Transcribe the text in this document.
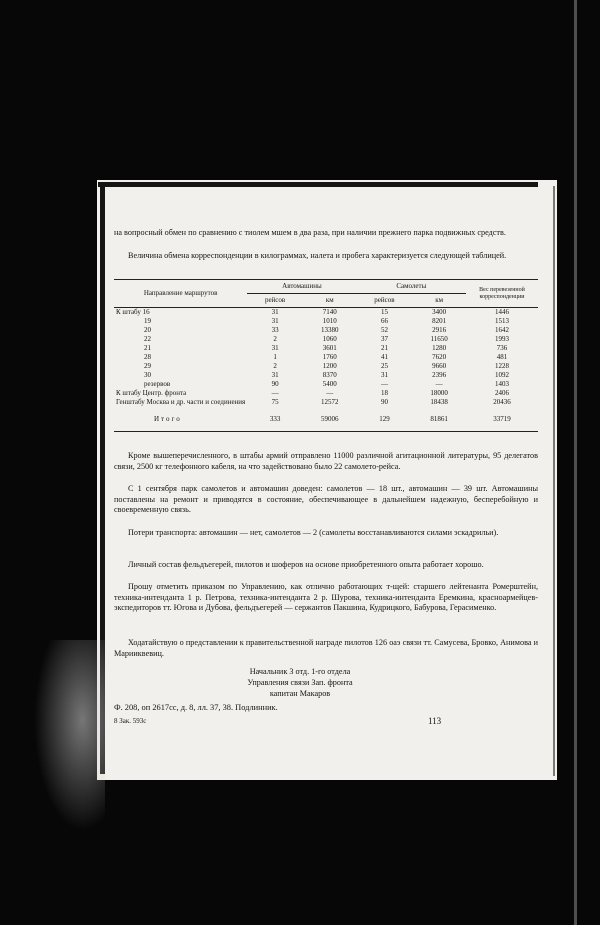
на вопросный обмен по сравнению с тиолем мшем в два раза, при наличии прежнего парка подвижных средств.

Величина обмена корреспонденции в килограммах, налета и пробега характеризуется следующей таблицей.

Направление маршрутов	Автомашины		Самолеты		Вес перевезенной корреспонденции
	рейсов	км	рейсов	км	
К штабу 16	31	7140	15	3400	1446
19	31	1010	66	8201	1513
20	33	13380	52	2916	1642
22	2	1060	37	11650	1993
21	31	3601	21	1280	736
28	1	1760	41	7620	481
29	2	1200	25	9660	1228
30	31	8370	31	2396	1092
резервов	90	5400	—	—	1403
К штабу Центр. фронта	—	—	18	18000	2406
Генштабу Москва и др. части и соединения	75	12572	90	18438	20436
Итого	333	59006	129	81861	33719

Кроме вышеперечисленного, в штабы армий отправлено 11000 различной агитационной литературы, 95 делегатов связи, 2500 кг телефонного кабеля, на что задействовано было 22 самолето-рейса.

С 1 сентября парк самолетов и автомашин доведен: самолетов — 18 шт., автомашин — 39 шт. Автомашины поставлены на ремонт и приводятся в состояние, обеспечивающее в дальнейшем надежную, бесперебойную и своевременную связь.

Потери транспорта: автомашин — нет, самолетов — 2 (самолеты восстанавливаются силами эскадрильи).

Личный состав фельдъегерей, пилотов и шоферов на основе приобретенного опыта работает хорошо.

Прошу отметить приказом по Управлению, как отлично работающих т-щей: старшего лейтенанта Ромерштейн, техника-интенданта 1 р. Петрова, техника-интенданта 2 р. Шурова, техника-интенданта Еремкина, красноармейцев-экспедиторов тт. Югова и Дубова, фельдъегерей — сержантов Пакшина, Кудрицкого, Бабурова, Герасименко.

Ходатайствую о представлении к правительственной награде пилотов 126 оаэ связи тт. Самусева, Бровко, Анимова и Марииквевиц.

Начальник 3 отд. 1-го отдела
Управления связи Зап. фронта
капитан Макаров
Ф. 208, оп 2617сс, д. 8, лл. 37, 38. Подлинник.
8 Зак. 593с	113
